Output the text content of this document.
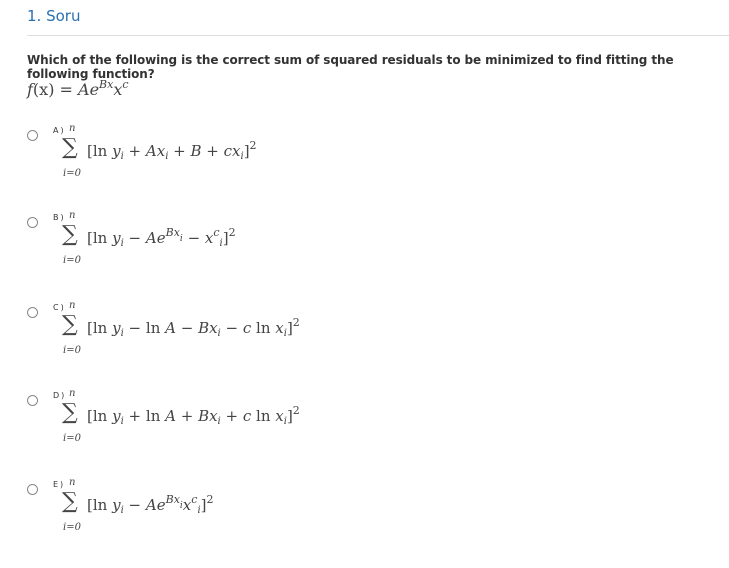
1. Soru
Which of the following is the correct sum of squared residuals to be minimized to find fitting the following function?
$f(x) = Ae^{Bx}x^c$
A) n
∑
i=0
[ln $y_i + Ax_i + B + cx_i]^2$
B) n
∑
i=0
[ln $y_i - Ae^{Bx}i - x^c_i]^2$
C) n
∑
i=0
[ln $y_i - \ln A - Bx_i - c$ $\ln x_i]^2$
D) n
∑
i=0
[ln $y_i + \ln A + Bx_i + c$ $\ln x_i]^2$
E) n
∑
i=0
[ln $y_i - Ae^{Bx}ix^c_i]^2$
